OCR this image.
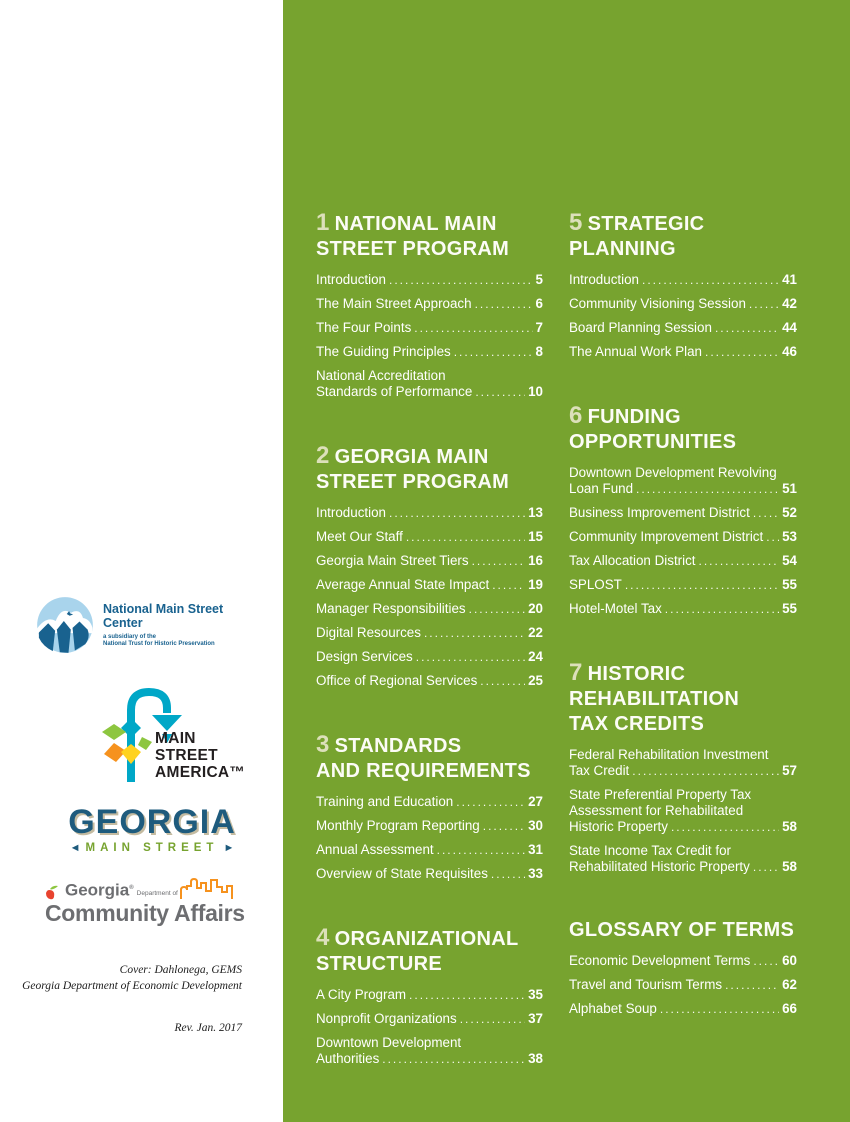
National Main Street
Center
a subsidiary of the
National Trust for Historic Preservation
MAIN STREET
AMERICA™
GEORGIA
◄ MAIN STREET ►
Georgia®
Department of
Community Affairs
Cover: Dahlonega, GEMS
Georgia Department of Economic Development
Rev. Jan. 2017
1 NATIONAL MAIN
STREET PROGRAM
Introduction .....	5
The Main Street Approach .....	6
The Four Points .....	7
The Guiding Principles .....	8
National Accreditation
Standards of Performance .....	10
2 GEORGIA MAIN
STREET PROGRAM
Introduction .....	13
Meet Our Staff .....	15
Georgia Main Street Tiers .....	16
Average Annual State Impact .....	19
Manager Responsibilities .....	20
Digital Resources .....	22
Design Services .....	24
Office of Regional Services .....	25
3 STANDARDS
AND REQUIREMENTS
Training and Education .....	27
Monthly Program Reporting .....	30
Annual Assessment .....	31
Overview of State Requisites .....	33
4 ORGANIZATIONAL
STRUCTURE
A City Program .....	35
Nonprofit Organizations .....	37
Downtown Development
Authorities .....	38
5 STRATEGIC
PLANNING
Introduction .....	41
Community Visioning Session .....	42
Board Planning Session .....	44
The Annual Work Plan .....	46
6 FUNDING
OPPORTUNITIES
Downtown Development Revolving
Loan Fund .....	51
Business Improvement District ..... 52
Community Improvement District ..... 53
Tax Allocation District .....	54
SPLOST .....	55
Hotel-Motel Tax .....	55
7 HISTORIC
REHABILITATION
TAX CREDITS
Federal Rehabilitation Investment
Tax Credit .....	57
State Preferential Property Tax
Assessment for Rehabilitated
Historic Property .....	58
State Income Tax Credit for
Rehabilitated Historic Property ..... 58
GLOSSARY OF TERMS
Economic Development Terms ..... 60
Travel and Tourism Terms .....	62
Alphabet Soup .....	66
